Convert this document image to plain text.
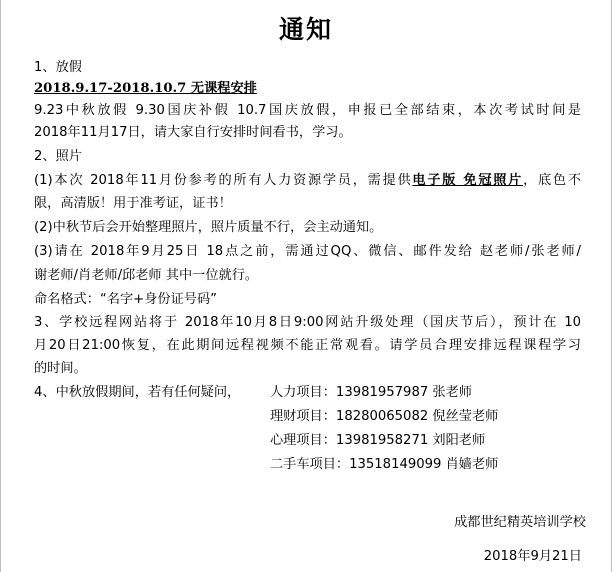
通知
1、放假
2018.9.17-2018.10.7 无课程安排
9.23中秋放假 9.30国庆补假 10.7国庆放假，申报已全部结束，本次考试时间是
2018年11月17日，请大家自行安排时间看书，学习。
2、照片
(1)本次 2018年11月份参考的所有人力资源学员，需提供电子版 免冠照片，底色不
限，高清版！用于准考证，证书！
(2)中秋节后会开始整理照片，照片质量不行，会主动通知。
(3)请在 2018年9月25日 18点之前，需通过QQ、微信、邮件发给 赵老师/张老师/
谢老师/肖老师/邱老师 其中一位就行。
命名格式：“名字+身份证号码”
3、学校远程网站将于 2018年10月8日9:00网站升级处理（国庆节后），预计在 10
月20日21:00恢复，在此期间远程视频不能正常观看。请学员合理安排远程课程学习
的时间。
4、中秋放假期间，若有任何疑问， 人力项目：13981957987 张老师
理财项目：18280065082 倪丝莹老师
心理项目：13981958271 刘阳老师
二手车项目：13518149099 肖嫱老师
成都世纪精英培训学校
2018年9月21日
